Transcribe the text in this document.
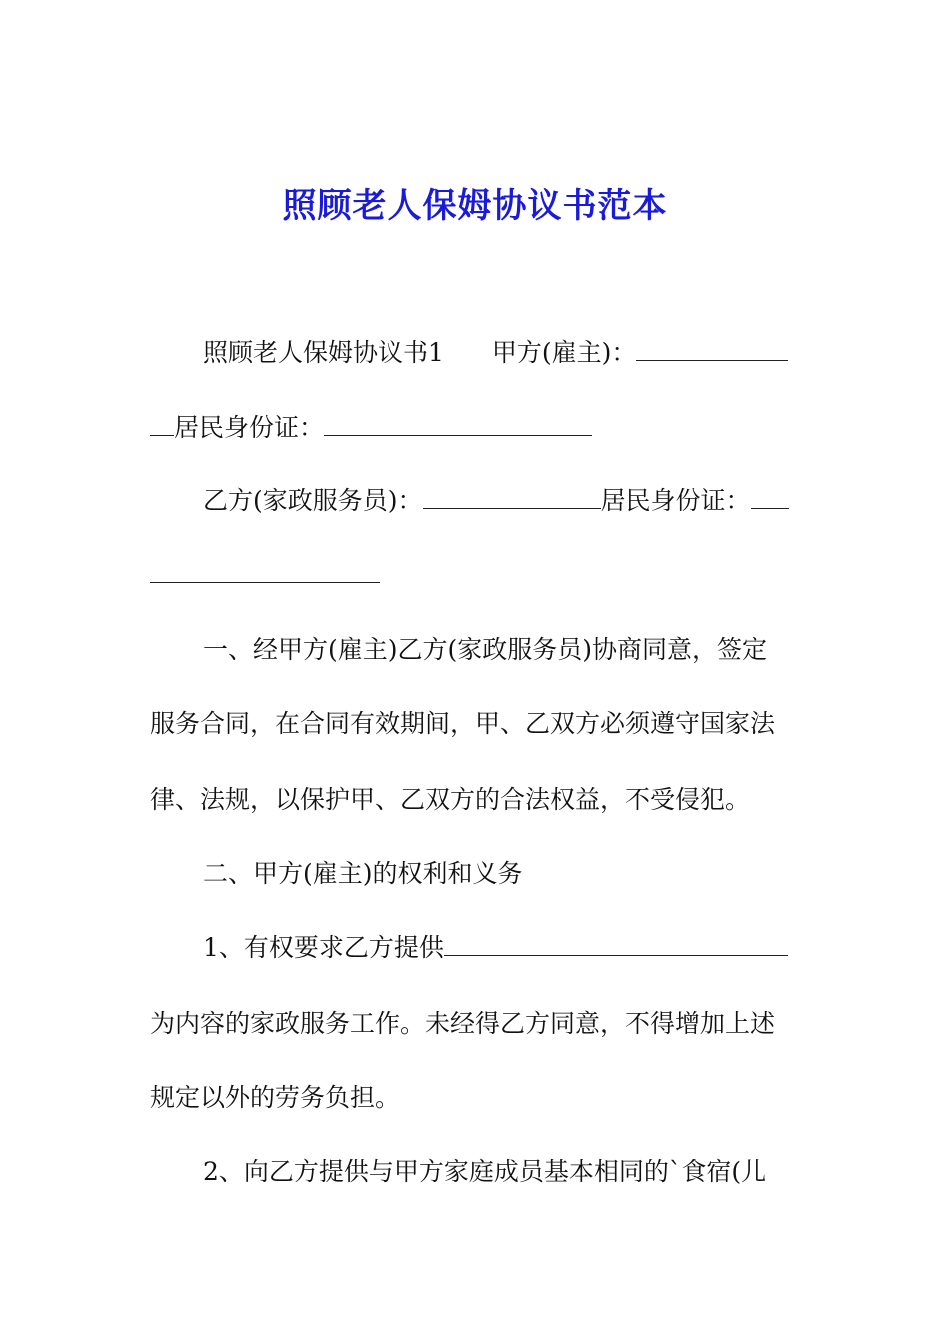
照顾老人保姆协议书范本
照顾老人保姆协议书1 甲方(雇主)：
居民身份证：
乙方(家政服务员)：	居民身份证：
一、经甲方(雇主)乙方(家政服务员)协商同意，签定
服务合同，在合同有效期间，甲、乙双方必须遵守国家法
律、法规，以保护甲、乙双方的合法权益，不受侵犯。
二、甲方(雇主)的权利和义务
1、有权要求乙方提供
为内容的家政服务工作。未经得乙方同意，不得增加上述
规定以外的劳务负担。
2、向乙方提供与甲方家庭成员基本相同的`食宿(儿
